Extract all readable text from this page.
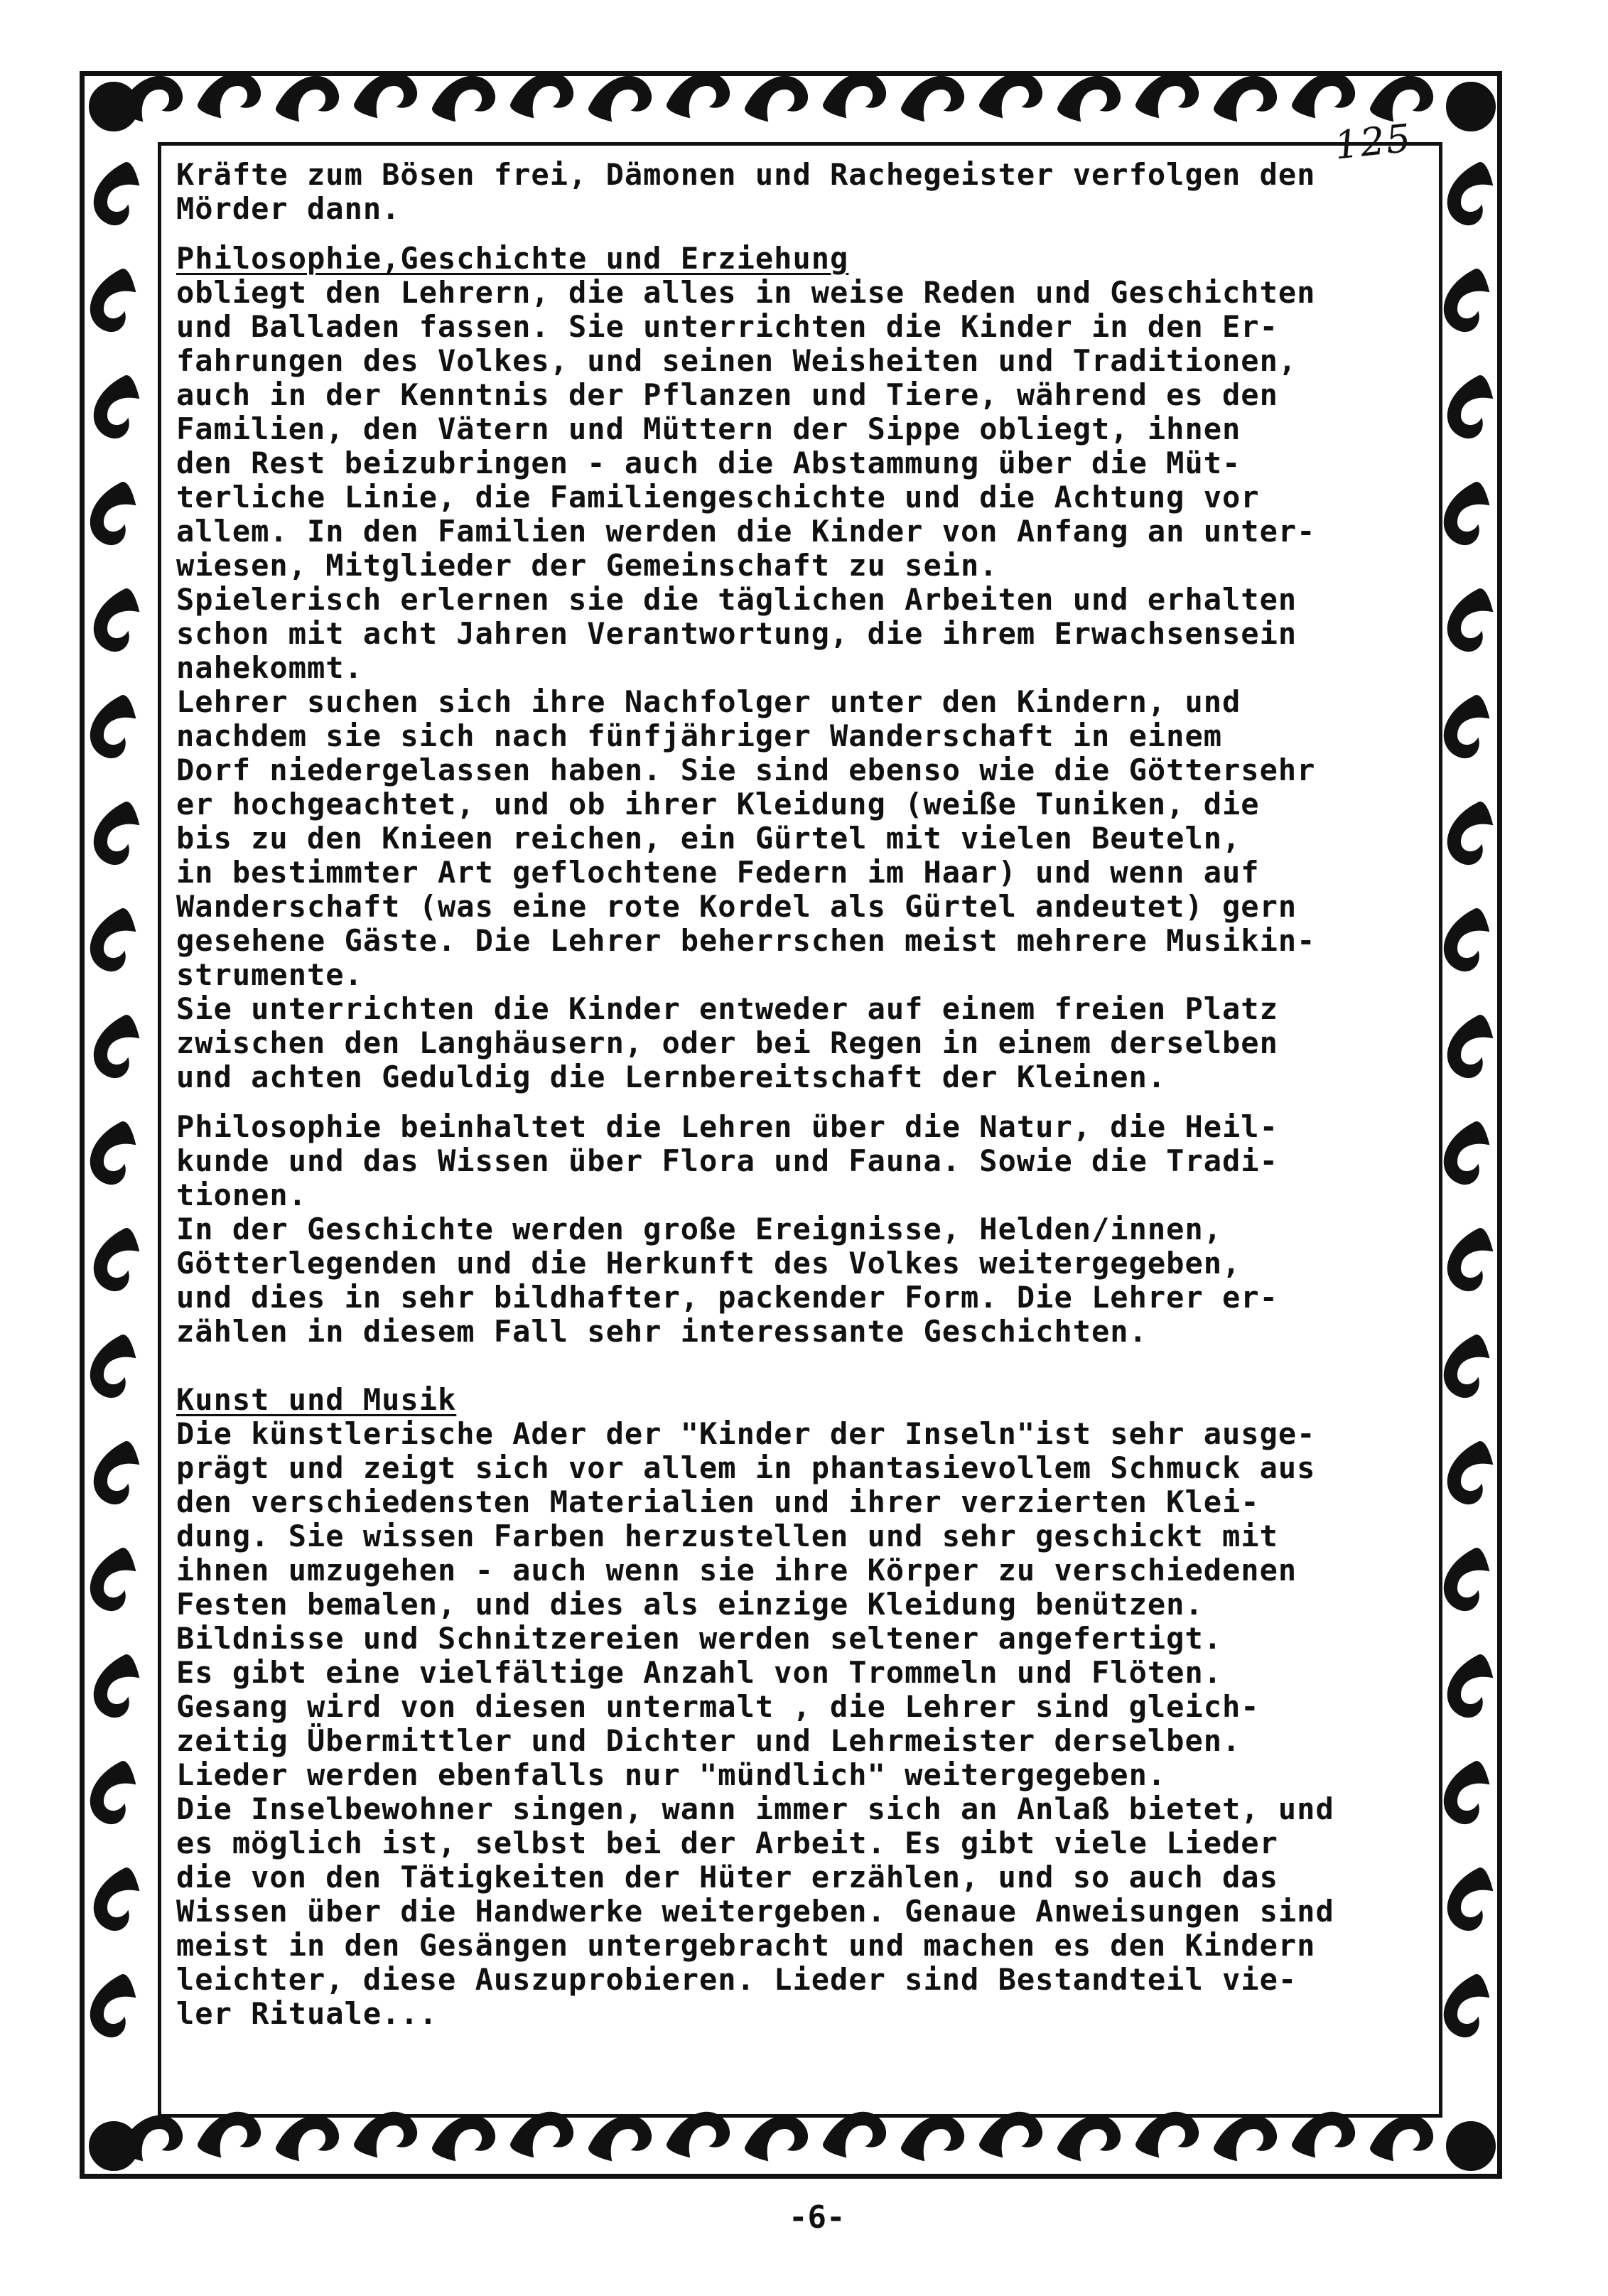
125
Kräfte zum Bösen frei, Dämonen und Rachegeister verfolgen den
Mörder dann.
Philosophie,Geschichte und Erziehung
obliegt den Lehrern, die alles in weise Reden und Geschichten
und Balladen fassen. Sie unterrichten die Kinder in den Er-
fahrungen des Volkes, und seinen Weisheiten und Traditionen,
auch in der Kenntnis der Pflanzen und Tiere, während es den
Familien, den Vätern und Müttern der Sippe obliegt, ihnen
den Rest beizubringen - auch die Abstammung über die Müt-
terliche Linie, die Familiengeschichte und die Achtung vor
allem. In den Familien werden die Kinder von Anfang an unter-
wiesen, Mitglieder der Gemeinschaft zu sein.
Spielerisch erlernen sie die täglichen Arbeiten und erhalten
schon mit acht Jahren Verantwortung, die ihrem Erwachsensein
nahekommt.
Lehrer suchen sich ihre Nachfolger unter den Kindern, und
nachdem sie sich nach fünfjähriger Wanderschaft in einem
Dorf niedergelassen haben. Sie sind ebenso wie die Göttersehr
er hochgeachtet, und ob ihrer Kleidung (weiße Tuniken, die
bis zu den Knieen reichen, ein Gürtel mit vielen Beuteln,
in bestimmter Art geflochtene Federn im Haar) und wenn auf
Wanderschaft (was eine rote Kordel als Gürtel andeutet) gern
gesehene Gäste. Die Lehrer beherrschen meist mehrere Musikin-
strumente.
Sie unterrichten die Kinder entweder auf einem freien Platz
zwischen den Langhäusern, oder bei Regen in einem derselben
und achten Geduldig die Lernbereitschaft der Kleinen.
Philosophie beinhaltet die Lehren über die Natur, die Heil-
kunde und das Wissen über Flora und Fauna. Sowie die Tradi-
tionen.
In der Geschichte werden große Ereignisse, Helden/innen,
Götterlegenden und die Herkunft des Volkes weitergegeben,
und dies in sehr bildhafter, packender Form. Die Lehrer er-
zählen in diesem Fall sehr interessante Geschichten.
Kunst und Musik
Die künstlerische Ader der "Kinder der Inseln"ist sehr ausge-
prägt und zeigt sich vor allem in phantasievollem Schmuck aus
den verschiedensten Materialien und ihrer verzierten Klei-
dung. Sie wissen Farben herzustellen und sehr geschickt mit
ihnen umzugehen - auch wenn sie ihre Körper zu verschiedenen
Festen bemalen, und dies als einzige Kleidung benützen.
Bildnisse und Schnitzereien werden seltener angefertigt.
Es gibt eine vielfältige Anzahl von Trommeln und Flöten.
Gesang wird von diesen untermalt , die Lehrer sind gleich-
zeitig Übermittler und Dichter und Lehrmeister derselben.
Lieder werden ebenfalls nur "mündlich" weitergegeben.
Die Inselbewohner singen, wann immer sich an Anlaß bietet, und
es möglich ist, selbst bei der Arbeit. Es gibt viele Lieder
die von den Tätigkeiten der Hüter erzählen, und so auch das
Wissen über die Handwerke weitergeben. Genaue Anweisungen sind
meist in den Gesängen untergebracht und machen es den Kindern
leichter, diese Auszuprobieren. Lieder sind Bestandteil vie-
ler Rituale...
-6-
